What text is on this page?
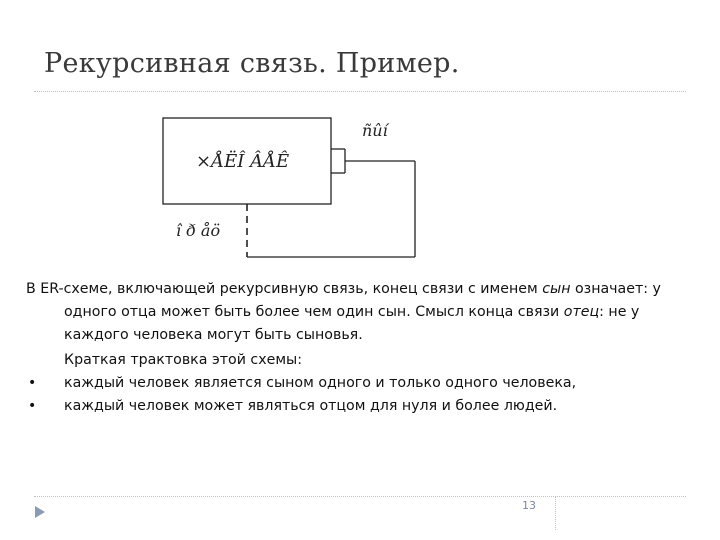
Рекурсивная связь. Пример.
×ÅËÎ ÂÅÊ
ñûí
î ð åö

В ER-схеме, включающей рекурсивную связь, конец связи с именем сын означает: у одного отца может быть более чем один сын. Смысл конца связи отец: не у каждого человека могут быть сыновья.

Краткая трактовка этой схемы:

• каждый человек является сыном одного и только одного человека,

• каждый человек может являться отцом для нуля и более людей.

13
